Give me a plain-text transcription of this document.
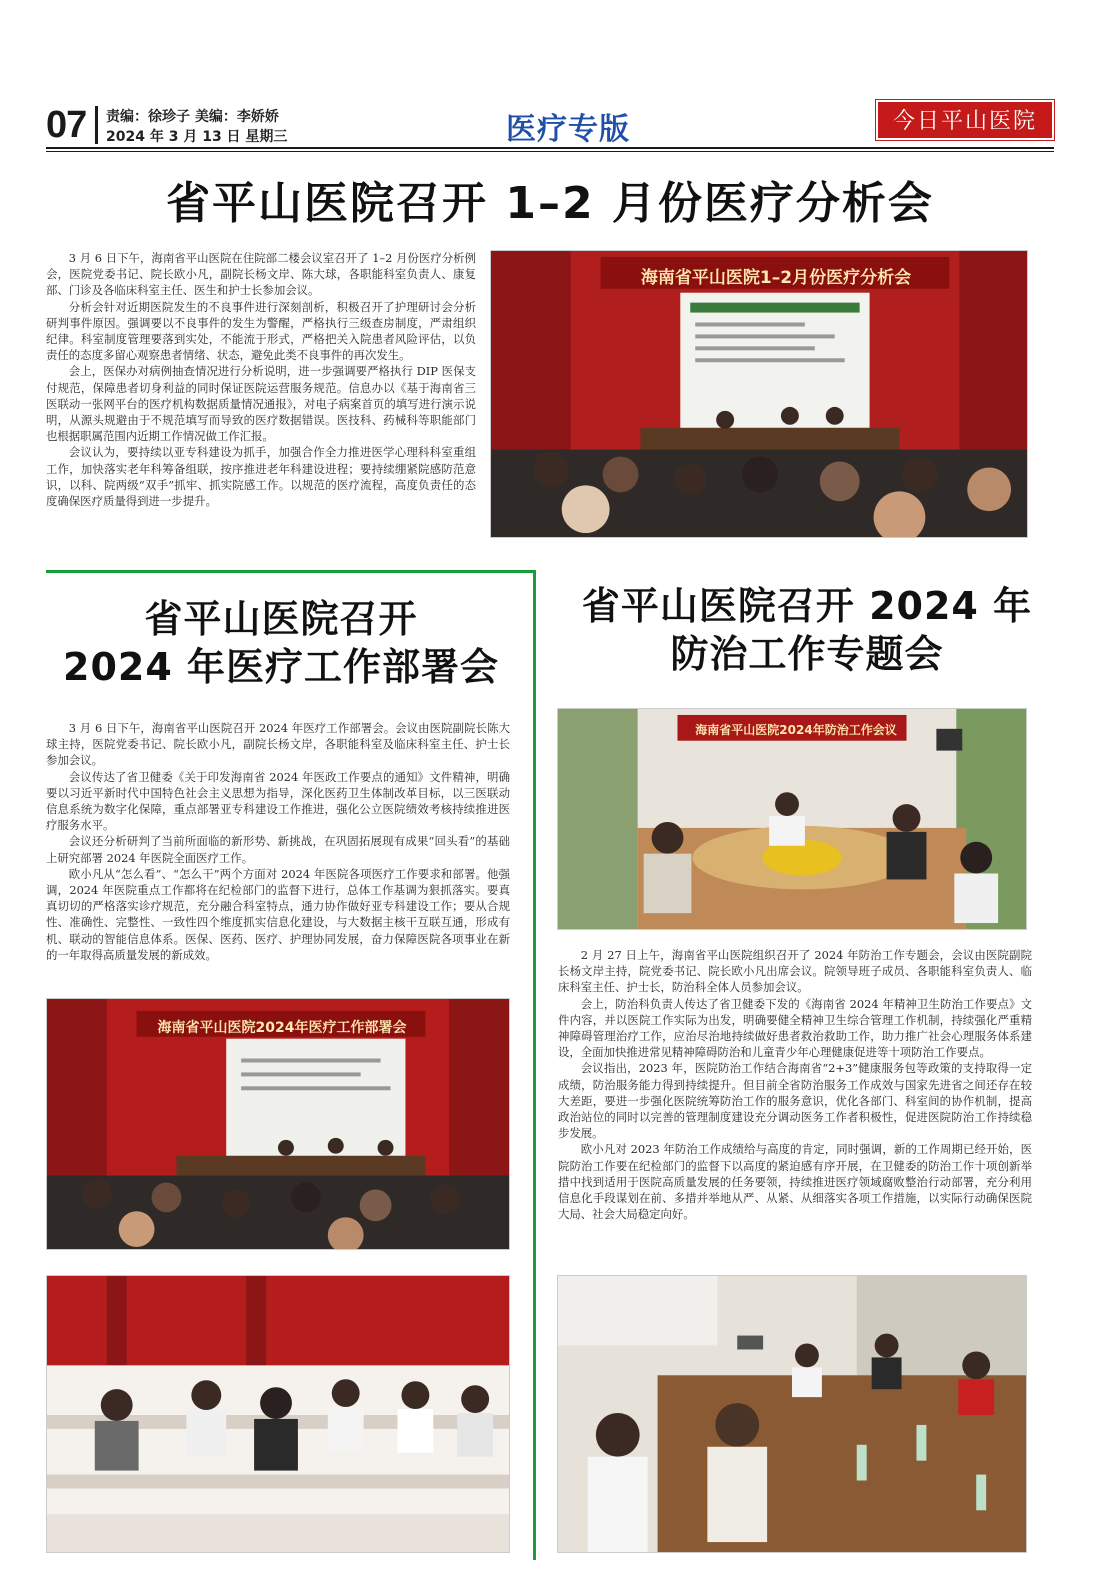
07 责编：徐珍子 美编：李娇娇
2024 年 3 月 13 日 星期三	医疗专版	今日平山医院
省平山医院召开 1–2 月份医疗分析会

3 月 6 日下午，海南省平山医院在住院部二楼会议室召开了 1–2 月份医疗分析例会，医院党委书记、院长欧小凡，副院长杨文岸、陈大球，各职能科室负责人、康复部、门诊及各临床科室主任、医生和护士长参加会议。

分析会针对近期医院发生的不良事件进行深刻剖析，积极召开了护理研讨会分析研判事件原因。强调要以不良事件的发生为警醒，严格执行三级查房制度，严肃组织纪律。科室制度管理要落到实处，不能流于形式，严格把关入院患者风险评估，以负责任的态度多留心观察患者情绪、状态，避免此类不良事件的再次发生。

会上，医保办对病例抽查情况进行分析说明，进一步强调要严格执行 DIP 医保支付规范，保障患者切身利益的同时保证医院运营服务规范。信息办以《基于海南省三医联动一张网平台的医疗机构数据质量情况通报》，对电子病案首页的填写进行演示说明，从源头规避由于不规范填写而导致的医疗数据错误。医技科、药械科等职能部门也根据职属范围内近期工作情况做工作汇报。

会议认为，要持续以亚专科建设为抓手，加强合作全力推进医学心理科科室重组工作，加快落实老年科筹备组联，按序推进老年科建设进程；要持续绷紧院感防范意识，以科、院两级“双手”抓牢、抓实院感工作。以规范的医疗流程，高度负责任的态度确保医疗质量得到进一步提升。

海南省平山医院1–2月份医疗分析会
省平山医院召开
2024 年医疗工作部署会

3 月 6 日下午，海南省平山医院召开 2024 年医疗工作部署会。会议由医院副院长陈大球主持，医院党委书记、院长欧小凡，副院长杨文岸，各职能科室及临床科室主任、护士长参加会议。

会议传达了省卫健委《关于印发海南省 2024 年医政工作要点的通知》文件精神，明确要以习近平新时代中国特色社会主义思想为指导，深化医药卫生体制改革目标，以三医联动信息系统为数字化保障，重点部署亚专科建设工作推进，强化公立医院绩效考核持续推进医疗服务水平。

会议还分析研判了当前所面临的新形势、新挑战，在巩固拓展现有成果“回头看”的基础上研究部署 2024 年医院全面医疗工作。

欧小凡从“怎么看”、“怎么干”两个方面对 2024 年医院各项医疗工作要求和部署。他强调，2024 年医院重点工作都将在纪检部门的监督下进行，总体工作基调为狠抓落实。要真真切切的严格落实诊疗规范，充分融合科室特点，通力协作做好亚专科建设工作；要从合规性、准确性、完整性、一致性四个维度抓实信息化建设，与大数据主核干互联互通，形成有机、联动的智能信息体系。医保、医药、医疗、护理协同发展，奋力保障医院各项事业在新的一年取得高质量发展的新成效。

海南省平山医院2024年医疗工作部署会
省平山医院召开 2024 年
防治工作专题会
海南省平山医院2024年防治工作会议

2 月 27 日上午，海南省平山医院组织召开了 2024 年防治工作专题会，会议由医院副院长杨文岸主持，院党委书记、院长欧小凡出席会议。院领导班子成员、各职能科室负责人、临床科室主任、护士长，防治科全体人员参加会议。

会上，防治科负责人传达了省卫健委下发的《海南省 2024 年精神卫生防治工作要点》文件内容，并以医院工作实际为出发，明确要健全精神卫生综合管理工作机制，持续强化严重精神障碍管理治疗工作，应治尽治地持续做好患者救治救助工作，助力推广社会心理服务体系建设，全面加快推进常见精神障碍防治和儿童青少年心理健康促进等十项防治工作要点。

会议指出，2023 年，医院防治工作结合海南省“2+3”健康服务包等政策的支持取得一定成绩，防治服务能力得到持续提升。但目前全省防治服务工作成效与国家先进省之间还存在较大差距，要进一步强化医院统筹防治工作的服务意识，优化各部门、科室间的协作机制，提高政治站位的同时以完善的管理制度建设充分调动医务工作者积极性，促进医院防治工作持续稳步发展。

欧小凡对 2023 年防治工作成绩给与高度的肯定，同时强调，新的工作周期已经开始，医院防治工作要在纪检部门的监督下以高度的紧迫感有序开展，在卫健委的防治工作十项创新举措中找到适用于医院高质量发展的任务要领，持续推进医疗领域腐败整治行动部署，充分利用信息化手段谋划在前、多措并举地从严、从紧、从细落实各项工作措施，以实际行动确保医院大局、社会大局稳定向好。
